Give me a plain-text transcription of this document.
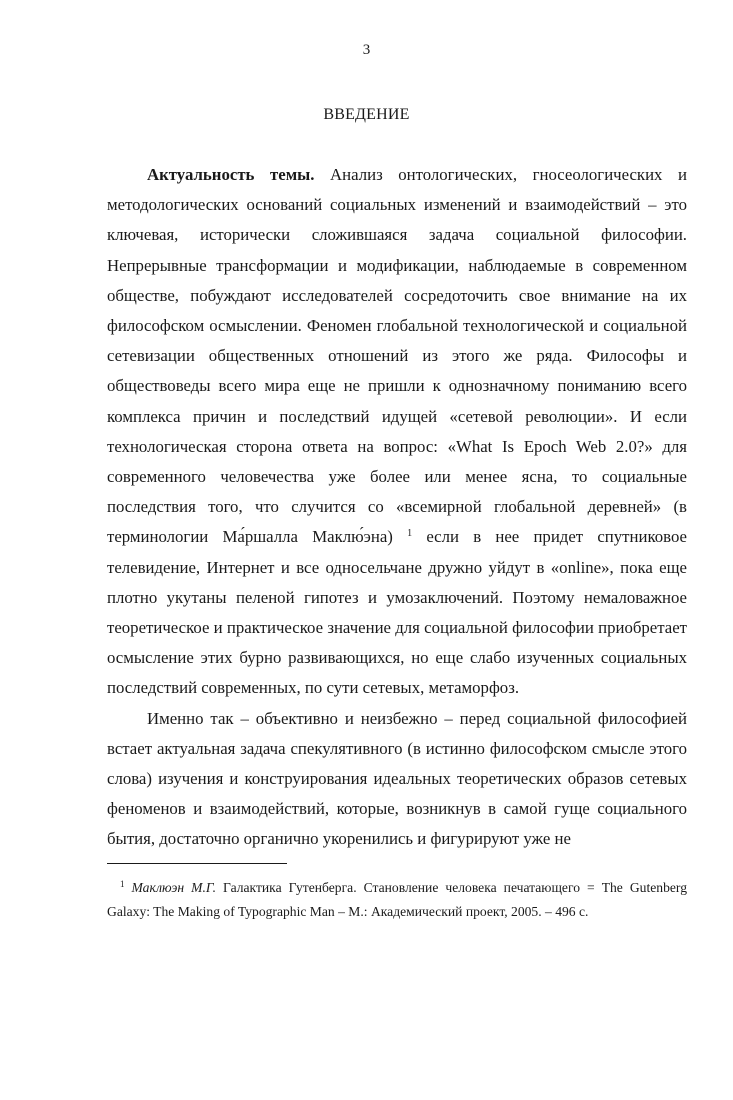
3
ВВЕДЕНИЕ

Актуальность темы. Анализ онтологических, гносеологических и методологических оснований социальных изменений и взаимодействий – это ключевая, исторически сложившаяся задача социальной философии. Непрерывные трансформации и модификации, наблюдаемые в современном обществе, побуждают исследователей сосредоточить свое внимание на их философском осмыслении. Феномен глобальной технологической и социальной сетевизации общественных отношений из этого же ряда. Философы и обществоведы всего мира еще не пришли к однозначному пониманию всего комплекса причин и последствий идущей «сетевой революции». И если технологическая сторона ответа на вопрос: «What Is Epoch Web 2.0?» для современного человечества уже более или менее ясна, то социальные последствия того, что случится со «всемирной глобальной деревней» (в терминологии Ма́ршалла Маклю́эна) $^1$ если в нее придет спутниковое телевидение, Интернет и все односельчане дружно уйдут в «online», пока еще плотно укутаны пеленой гипотез и умозаключений. Поэтому немаловажное теоретическое и практическое значение для социальной философии приобретает осмысление этих бурно развивающихся, но еще слабо изученных социальных последствий современных, по сути сетевых, метаморфоз.

Именно так – объективно и неизбежно – перед социальной философией встает актуальная задача спекулятивного (в истинно философском смысле этого слова) изучения и конструирования идеальных теоретических образов сетевых феноменов и взаимодействий, которые, возникнув в самой гуще социального бытия, достаточно органично укоренились и фигурируют уже не

$^1$ Маклюэн М.Г. Галактика Гутенберга. Становление человека печатающего = The Gutenberg Galaxy: The Making of Typographic Man – М.: Академический проект, 2005. – 496 с.
